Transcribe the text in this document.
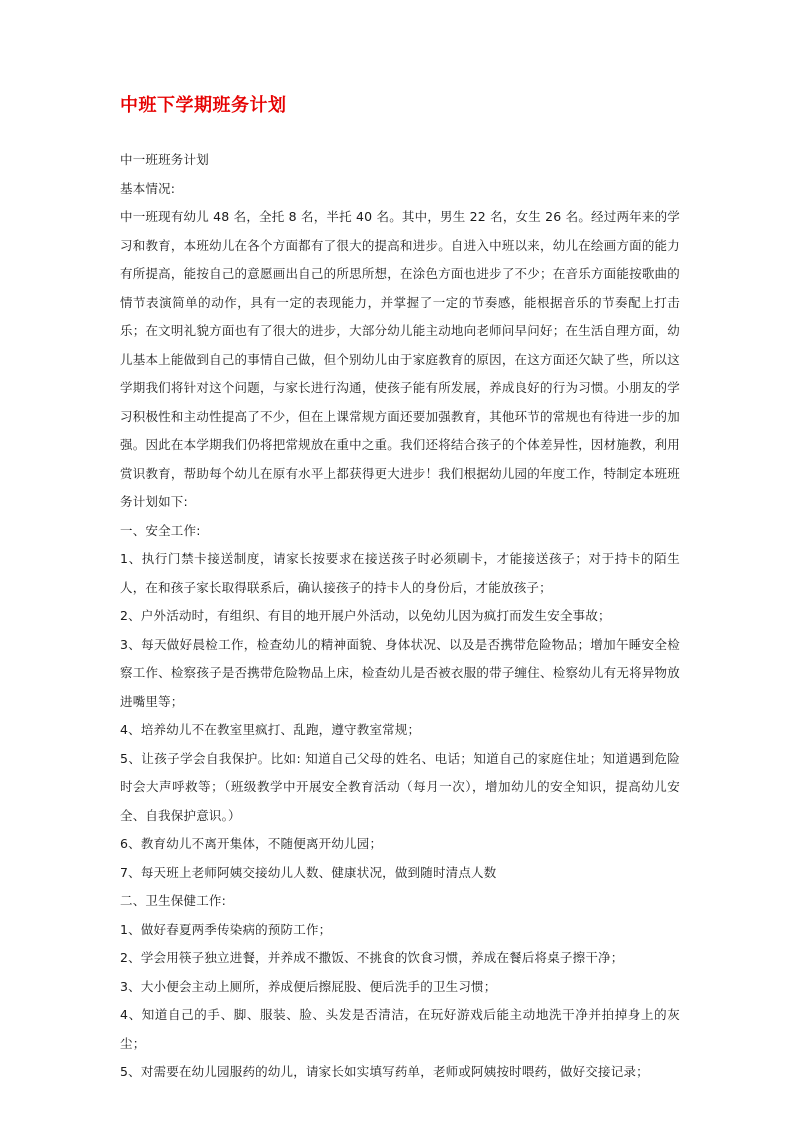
中班下学期班务计划

中一班班务计划

基本情况:

中一班现有幼儿 48 名，全托 8 名，半托 40 名。其中，男生 22 名，女生 26 名。经过两年来的学习和教育，本班幼儿在各个方面都有了很大的提高和进步。自进入中班以来，幼儿在绘画方面的能力有所提高，能按自己的意愿画出自己的所思所想，在涂色方面也进步了不少；在音乐方面能按歌曲的情节表演简单的动作，具有一定的表现能力，并掌握了一定的节奏感，能根据音乐的节奏配上打击乐；在文明礼貌方面也有了很大的进步，大部分幼儿能主动地向老师问早问好；在生活自理方面，幼儿基本上能做到自己的事情自己做，但个别幼儿由于家庭教育的原因，在这方面还欠缺了些，所以这学期我们将针对这个问题，与家长进行沟通，使孩子能有所发展，养成良好的行为习惯。小朋友的学习积极性和主动性提高了不少，但在上课常规方面还要加强教育，其他环节的常规也有待进一步的加强。因此在本学期我们仍将把常规放在重中之重。我们还将结合孩子的个体差异性，因材施教，利用赏识教育，帮助每个幼儿在原有水平上都获得更大进步！我们根据幼儿园的年度工作，特制定本班班务计划如下:

一、安全工作:

1、执行门禁卡接送制度，请家长按要求在接送孩子时必须刷卡，才能接送孩子；对于持卡的陌生人，在和孩子家长取得联系后，确认接孩子的持卡人的身份后，才能放孩子；

2、户外活动时，有组织、有目的地开展户外活动，以免幼儿因为疯打而发生安全事故；

3、每天做好晨检工作，检查幼儿的精神面貌、身体状况、以及是否携带危险物品；增加午睡安全检察工作、检察孩子是否携带危险物品上床，检查幼儿是否被衣服的带子缠住、检察幼儿有无将异物放进嘴里等；

4、培养幼儿不在教室里疯打、乱跑，遵守教室常规；

5、让孩子学会自我保护。比如: 知道自己父母的姓名、电话；知道自己的家庭住址；知道遇到危险时会大声呼救等；（班级教学中开展安全教育活动（每月一次），增加幼儿的安全知识，提高幼儿安全、自我保护意识。）

6、教育幼儿不离开集体，不随便离开幼儿园；

7、每天班上老师阿姨交接幼儿人数、健康状况，做到随时清点人数

二、卫生保健工作:

1、做好春夏两季传染病的预防工作；

2、学会用筷子独立进餐，并养成不撒饭、不挑食的饮食习惯，养成在餐后将桌子擦干净；

3、大小便会主动上厕所，养成便后擦屁股、便后洗手的卫生习惯；

4、知道自己的手、脚、服装、脸、头发是否清洁，在玩好游戏后能主动地洗干净并拍掉身上的灰尘；

5、对需要在幼儿园服药的幼儿，请家长如实填写药单，老师或阿姨按时喂药，做好交接记录；
